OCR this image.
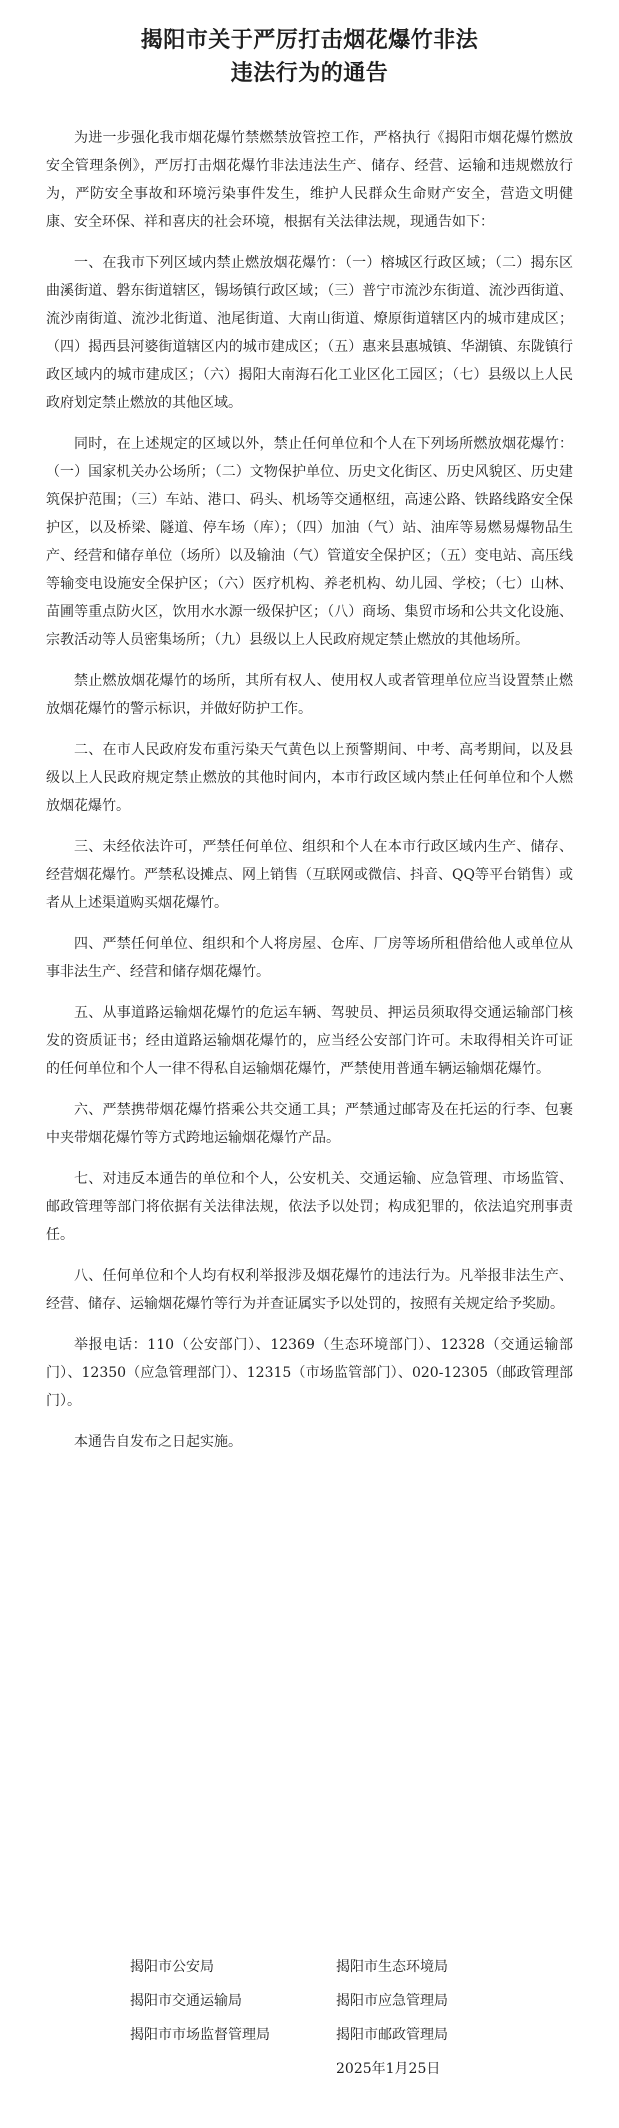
揭阳市关于严厉打击烟花爆竹非法
违法行为的通告

为进一步强化我市烟花爆竹禁燃禁放管控工作，严格执行《揭阳市烟花爆竹燃放安全管理条例》，严厉打击烟花爆竹非法违法生产、储存、经营、运输和违规燃放行为，严防安全事故和环境污染事件发生，维护人民群众生命财产安全，营造文明健康、安全环保、祥和喜庆的社会环境，根据有关法律法规，现通告如下：

一、在我市下列区域内禁止燃放烟花爆竹：（一）榕城区行政区域；（二）揭东区曲溪街道、磐东街道辖区，锡场镇行政区域；（三）普宁市流沙东街道、流沙西街道、流沙南街道、流沙北街道、池尾街道、大南山街道、燎原街道辖区内的城市建成区；（四）揭西县河婆街道辖区内的城市建成区；（五）惠来县惠城镇、华湖镇、东陇镇行政区域内的城市建成区；（六）揭阳大南海石化工业区化工园区；（七）县级以上人民政府划定禁止燃放的其他区域。

同时，在上述规定的区域以外，禁止任何单位和个人在下列场所燃放烟花爆竹：（一）国家机关办公场所；（二）文物保护单位、历史文化街区、历史风貌区、历史建筑保护范围；（三）车站、港口、码头、机场等交通枢纽，高速公路、铁路线路安全保护区，以及桥梁、隧道、停车场（库）；（四）加油（气）站、油库等易燃易爆物品生产、经营和储存单位（场所）以及输油（气）管道安全保护区；（五）变电站、高压线等输变电设施安全保护区；（六）医疗机构、养老机构、幼儿园、学校；（七）山林、苗圃等重点防火区，饮用水水源一级保护区；（八）商场、集贸市场和公共文化设施、宗教活动等人员密集场所；（九）县级以上人民政府规定禁止燃放的其他场所。

禁止燃放烟花爆竹的场所，其所有权人、使用权人或者管理单位应当设置禁止燃放烟花爆竹的警示标识，并做好防护工作。

二、在市人民政府发布重污染天气黄色以上预警期间、中考、高考期间，以及县级以上人民政府规定禁止燃放的其他时间内，本市行政区域内禁止任何单位和个人燃放烟花爆竹。

三、未经依法许可，严禁任何单位、组织和个人在本市行政区域内生产、储存、经营烟花爆竹。严禁私设摊点、网上销售（互联网或微信、抖音、QQ等平台销售）或者从上述渠道购买烟花爆竹。

四、严禁任何单位、组织和个人将房屋、仓库、厂房等场所租借给他人或单位从事非法生产、经营和储存烟花爆竹。

五、从事道路运输烟花爆竹的危运车辆、驾驶员、押运员须取得交通运输部门核发的资质证书；经由道路运输烟花爆竹的，应当经公安部门许可。未取得相关许可证的任何单位和个人一律不得私自运输烟花爆竹，严禁使用普通车辆运输烟花爆竹。

六、严禁携带烟花爆竹搭乘公共交通工具；严禁通过邮寄及在托运的行李、包裹中夹带烟花爆竹等方式跨地运输烟花爆竹产品。

七、对违反本通告的单位和个人，公安机关、交通运输、应急管理、市场监管、邮政管理等部门将依据有关法律法规，依法予以处罚；构成犯罪的，依法追究刑事责任。

八、任何单位和个人均有权利举报涉及烟花爆竹的违法行为。凡举报非法生产、经营、储存、运输烟花爆竹等行为并查证属实予以处罚的，按照有关规定给予奖励。

举报电话：110（公安部门）、12369（生态环境部门）、12328（交通运输部门）、12350（应急管理部门）、12315（市场监管部门）、020-12305（邮政管理部门）。

本通告自发布之日起实施。

揭阳市公安局	揭阳市生态环境局
揭阳市交通运输局	揭阳市应急管理局
揭阳市市场监督管理局	揭阳市邮政管理局
2025年1月25日
